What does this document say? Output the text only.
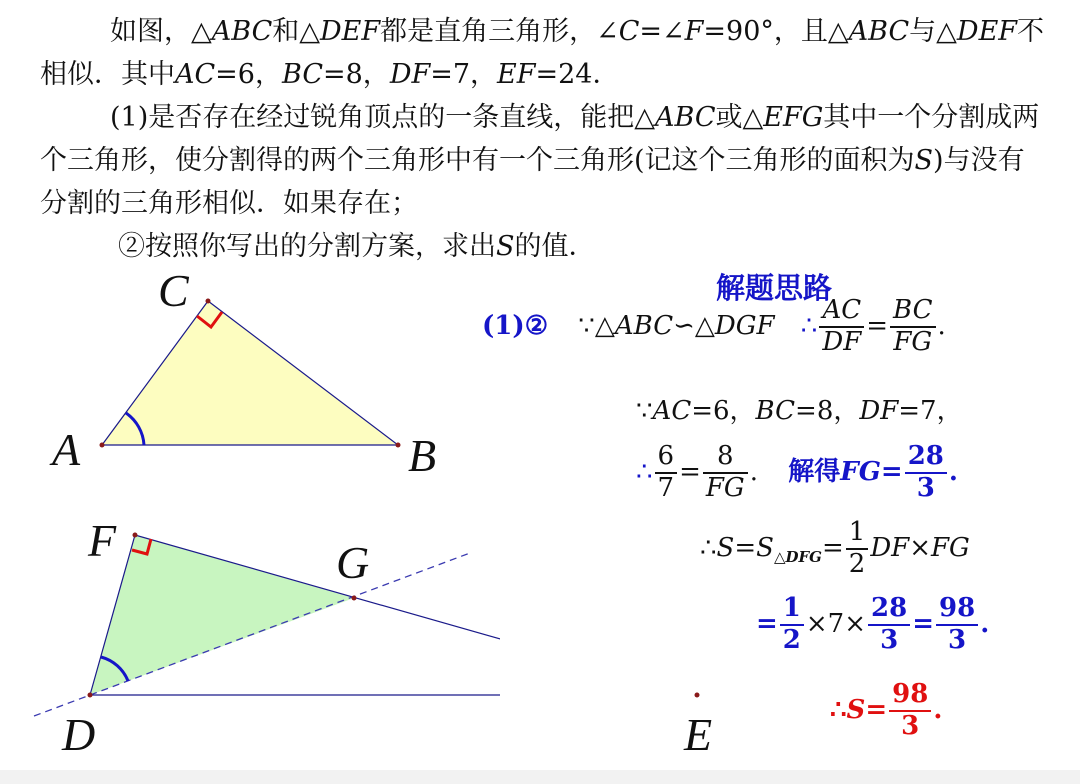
如图，△ABC和△DEF都是直角三角形，∠C=∠F=90°，且△ABC与△DEF不相似．其中AC=6，BC=8，DF=7，EF=24．

(1)是否存在经过锐角顶点的一条直线，能把△ABC或△EFG其中一个分割成两个三角形，使分割得的两个三角形中有一个三角形(记这个三角形的面积为S)与没有分割的三角形相似．如果存在；

②按照你写出的分割方案，求出S的值．

A	B
C
D
F	G
E
解题思路
(1)② ∵△ABC∽△DGF ∴ $\frac{AC}{DF} = \frac{BC}{FG}$ .
∵AC=6，BC=8，DF=7，
∴ $\frac{6}{7} = \frac{8}{FG}$ . 解得$FG= \frac{28}{3}$ .
$\therefore S=S_{\triangle DFG}= \frac{1}{2} DF\times FG$
= $\frac{1}{2} \times 7\times \frac{28}{3} = \frac{98}{3}$ .
∴S= $\frac{98}{3}$ .
